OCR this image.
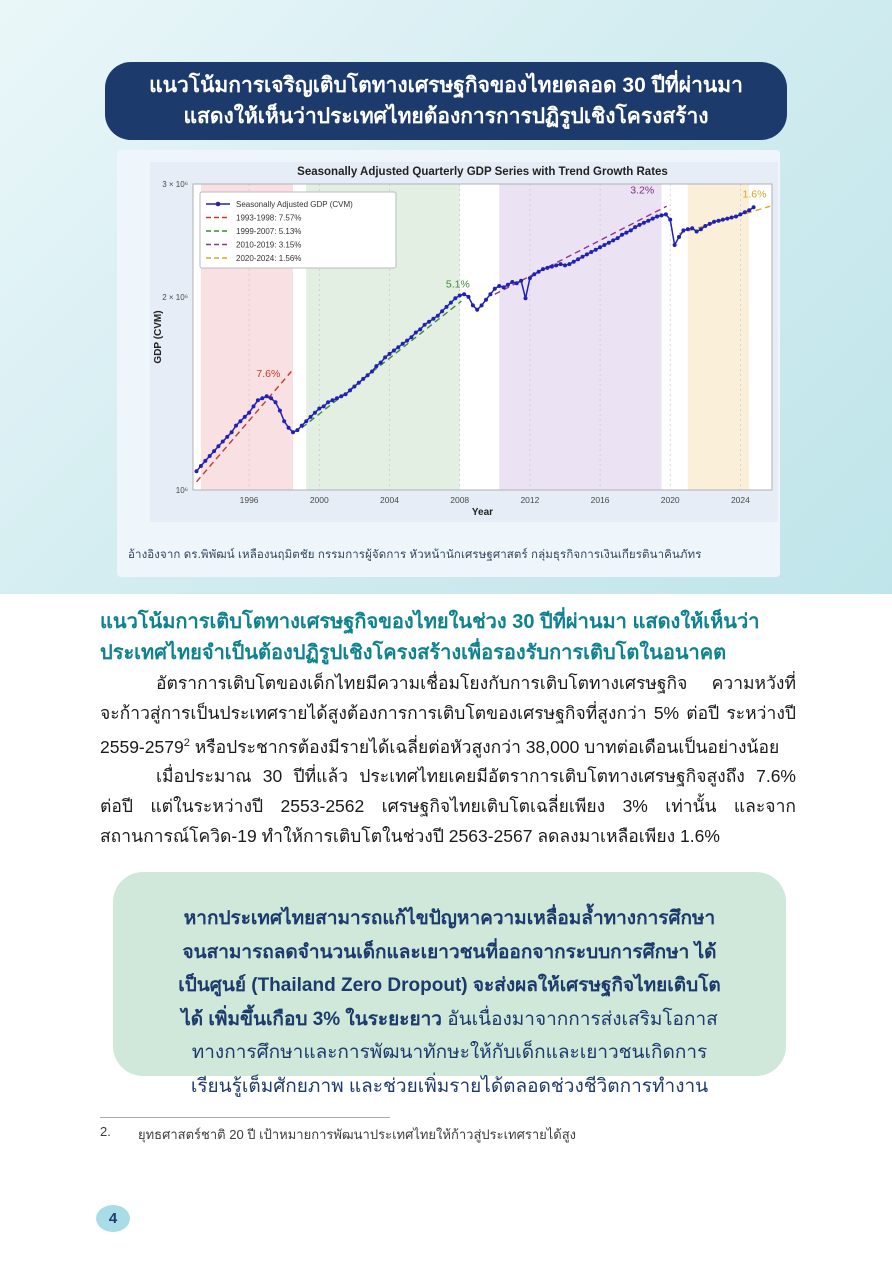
แนวโน้มการเจริญเติบโตทางเศรษฐกิจของไทยตลอด 30 ปีที่ผ่านมา
แสดงให้เห็นว่าประเทศไทยต้องการการปฏิรูปเชิงโครงสร้าง
1996	2000	2004	2008	2012	2016	2020	2024
10⁶
2 × 10⁶
3 × 10⁶
Year
GDP (CVM)
Seasonally Adjusted Quarterly GDP Series with Trend Growth Rates
7.6%
5.1%
3.2%	1.6%
Seasonally Adjusted GDP (CVM)
1993-1998: 7.57%
1999-2007: 5.13%
2010-2019: 3.15%
2020-2024: 1.56%
อ้างอิงจาก ดร.พิพัฒน์ เหลืองนฤมิตชัย กรรมการผู้จัดการ หัวหน้านักเศรษฐศาสตร์ กลุ่มธุรกิจการเงินเกียรตินาคินภัทร
แนวโน้มการเติบโตทางเศรษฐกิจของไทยในช่วง 30 ปีที่ผ่านมา แสดงให้เห็นว่า
ประเทศไทยจำเป็นต้องปฏิรูปเชิงโครงสร้างเพื่อรองรับการเติบโตในอนาคต

อัตราการเติบโตของเด็กไทยมีความเชื่อมโยงกับการเติบโตทางเศรษฐกิจ ความหวังที่จะก้าวสู่การเป็นประเทศรายได้สูงต้องการการเติบโตของเศรษฐกิจที่สูงกว่า 5% ต่อปี ระหว่างปี 2559-2579$^2$ หรือประชากรต้องมีรายได้เฉลี่ยต่อหัวสูงกว่า 38,000 บาทต่อเดือนเป็นอย่างน้อย

เมื่อประมาณ 30 ปีที่แล้ว ประเทศไทยเคยมีอัตราการเติบโตทางเศรษฐกิจสูงถึง 7.6% ต่อปี แต่ในระหว่างปี 2553-2562 เศรษฐกิจไทยเติบโตเฉลี่ยเพียง 3% เท่านั้น และจากสถานการณ์โควิด-19 ทำให้การเติบโตในช่วงปี 2563-2567 ลดลงมาเหลือเพียง 1.6%

หากประเทศไทยสามารถแก้ไขปัญหาความเหลื่อมล้ำทางการศึกษา จนสามารถลดจำนวนเด็กและเยาวชนที่ออกจากระบบการศึกษา ได้เป็นศูนย์ (Thailand Zero Dropout) จะส่งผลให้เศรษฐกิจไทยเติบโตได้ เพิ่มขึ้นเกือบ 3% ในระยะยาว อันเนื่องมาจากการส่งเสริมโอกาสทางการศึกษาและการพัฒนาทักษะให้กับเด็กและเยาวชนเกิดการเรียนรู้เต็มศักยภาพ และช่วยเพิ่มรายได้ตลอดช่วงชีวิตการทำงาน
2.	ยุทธศาสตร์ชาติ 20 ปี เป้าหมายการพัฒนาประเทศไทยให้ก้าวสู่ประเทศรายได้สูง
4
